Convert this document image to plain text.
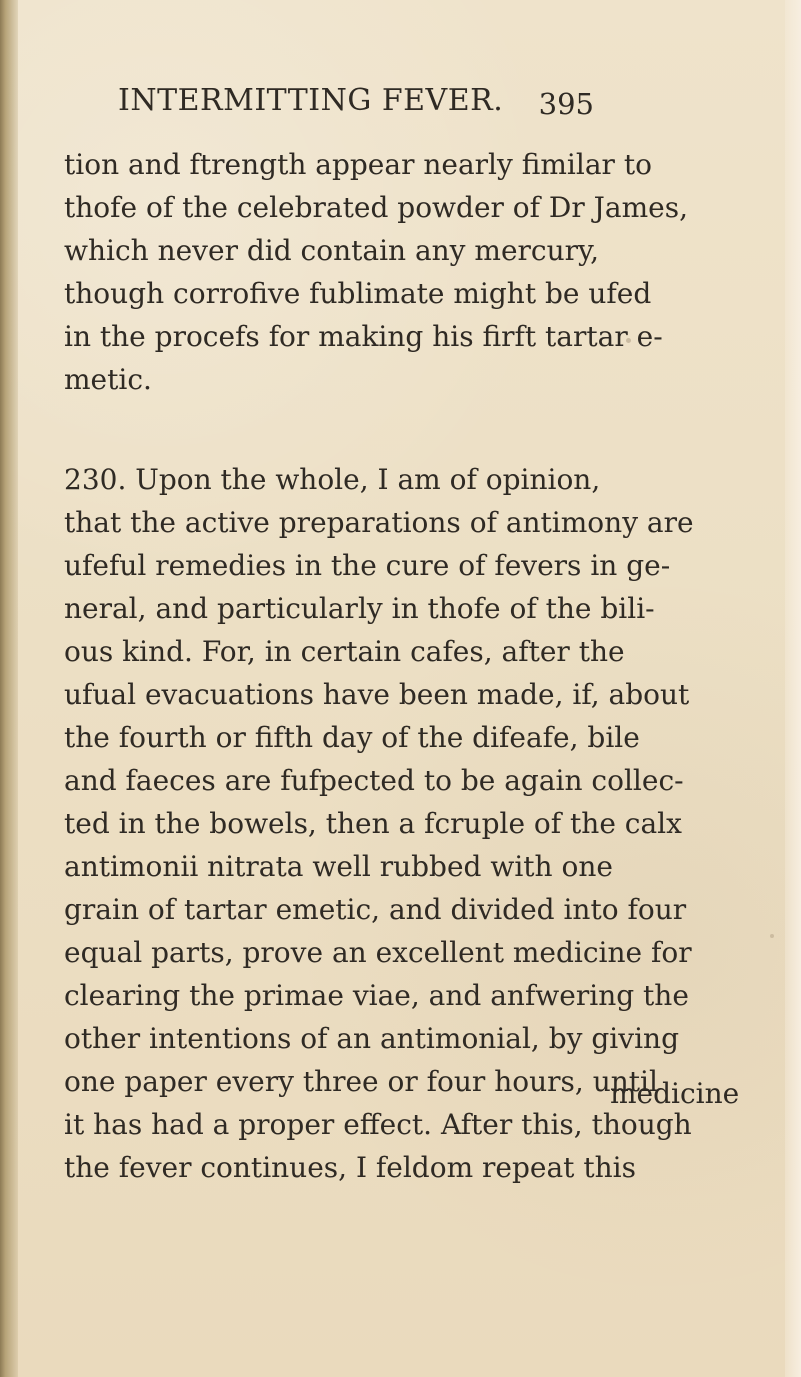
INTERMITTING FEVER. 395
tion and ftrength appear nearly fimilar to
thofe of the celebrated powder of Dr James,
which never did contain any mercury,
though corrofive fublimate might be ufed
in the procefs for making his firft tartar e-
metic.
230. Upon the whole, I am of opinion,
that the active preparations of antimony are
ufeful remedies in the cure of fevers in ge-
neral, and particularly in thofe of the bili-
ous kind. For, in certain cafes, after the
ufual evacuations have been made, if, about
the fourth or fifth day of the difeafe, bile
and faeces are fufpected to be again collec-
ted in the bowels, then a fcruple of the calx
antimonii nitrata well rubbed with one
grain of tartar emetic, and divided into four
equal parts, prove an excellent medicine for
clearing the primae viae, and anfwering the
other intentions of an antimonial, by giving
one paper every three or four hours, until
it has had a proper effect. After this, though
the fever continues, I feldom repeat this
medicine
